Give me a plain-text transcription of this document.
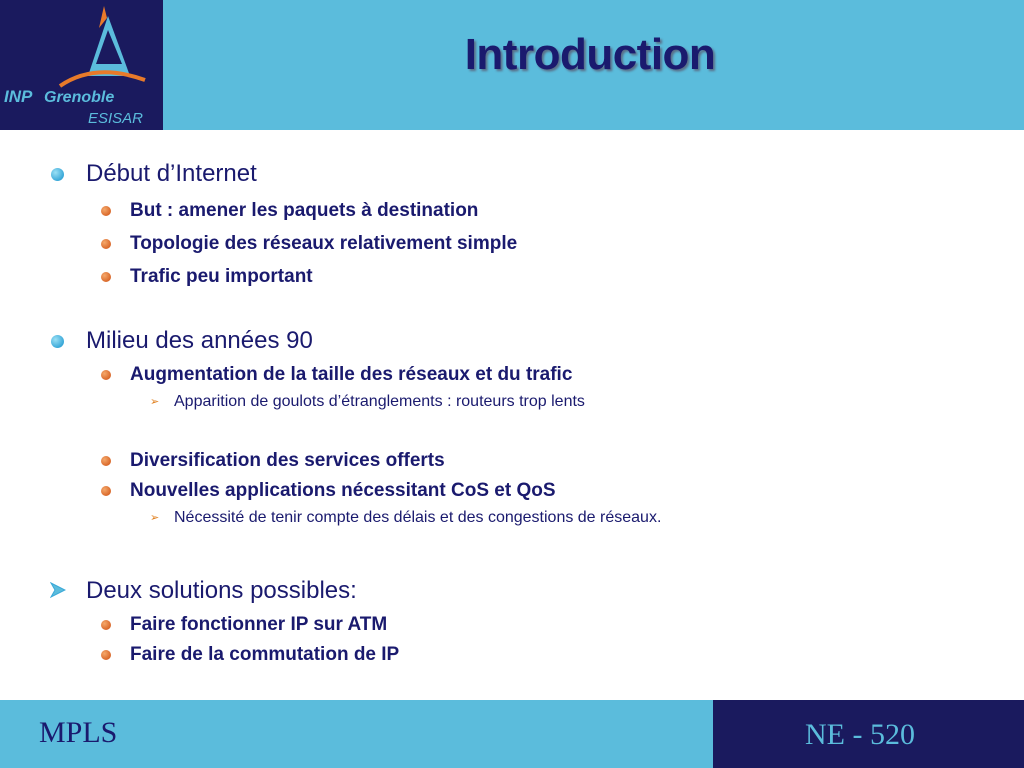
INP Grenoble
ESISAR
Introduction
Début d’Internet
But : amener les paquets à destination
Topologie des réseaux relativement simple
Trafic peu important
Milieu des années 90
Augmentation de la taille des réseaux et du trafic
➢ Apparition de goulots d’étranglements : routeurs trop lents
Diversification des services offerts
Nouvelles applications nécessitant CoS et QoS
➢ Nécessité de tenir compte des délais et des congestions de réseaux.
Deux solutions possibles:
Faire fonctionner IP sur ATM
Faire de la commutation de IP
MPLS	NE - 520
